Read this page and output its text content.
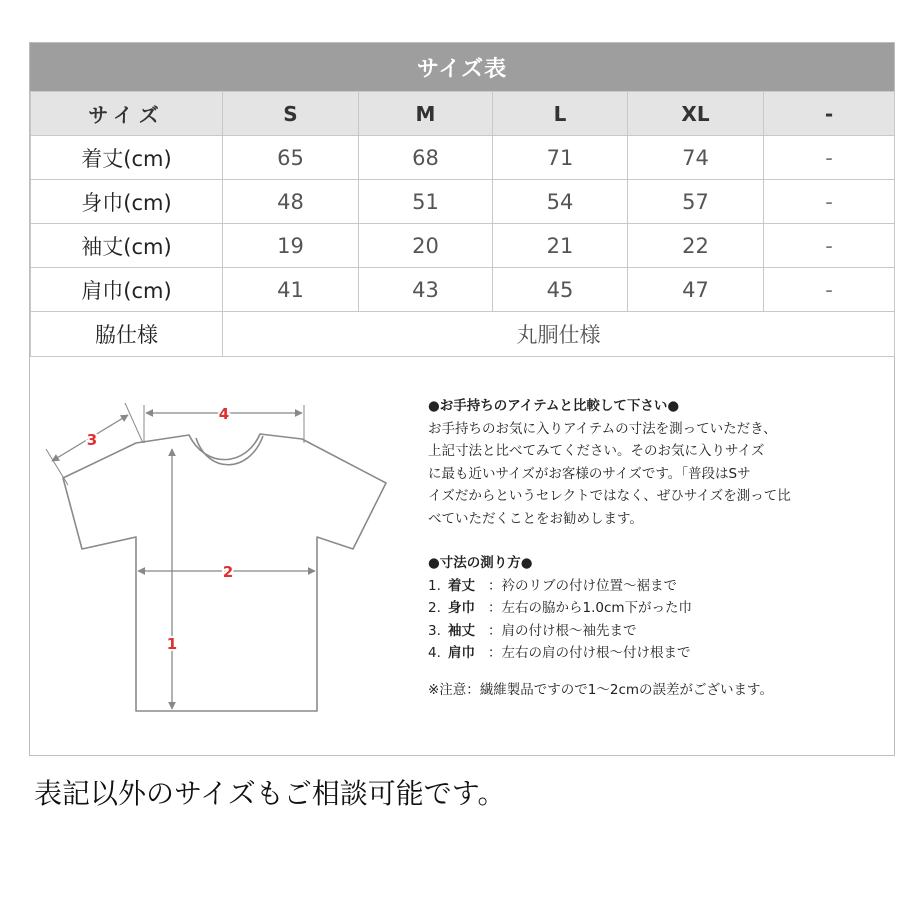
サイズ表
サイズ	S	M	L	XL	-
着丈(cm)	65	68	71	74	-
身巾(cm)	48	51	54	57	-
袖丈(cm)	19	20	21	22	-
肩巾(cm)	41	43	45	47	-
脇仕様	丸胴仕様				
4
3
2
1
●お手持ちのアイテムと比較して下さい●
お手持ちのお気に入りアイテムの寸法を測っていただき、
上記寸法と比べてみてください。そのお気に入りサイズ
に最も近いサイズがお客様のサイズです。「普段はSサ
イズだからというセレクトではなく、ぜひサイズを測って比
べていただくことをお勧めします。
●寸法の測り方●
1. 着丈 ：衿のリブの付け位置～裾まで
2. 身巾 ：左右の脇から1.0cm下がった巾
3. 袖丈 ：肩の付け根～袖先まで
4. 肩巾 ：左右の肩の付け根～付け根まで
※注意：繊維製品ですので1～2cmの誤差がございます。
表記以外のサイズもご相談可能です。
